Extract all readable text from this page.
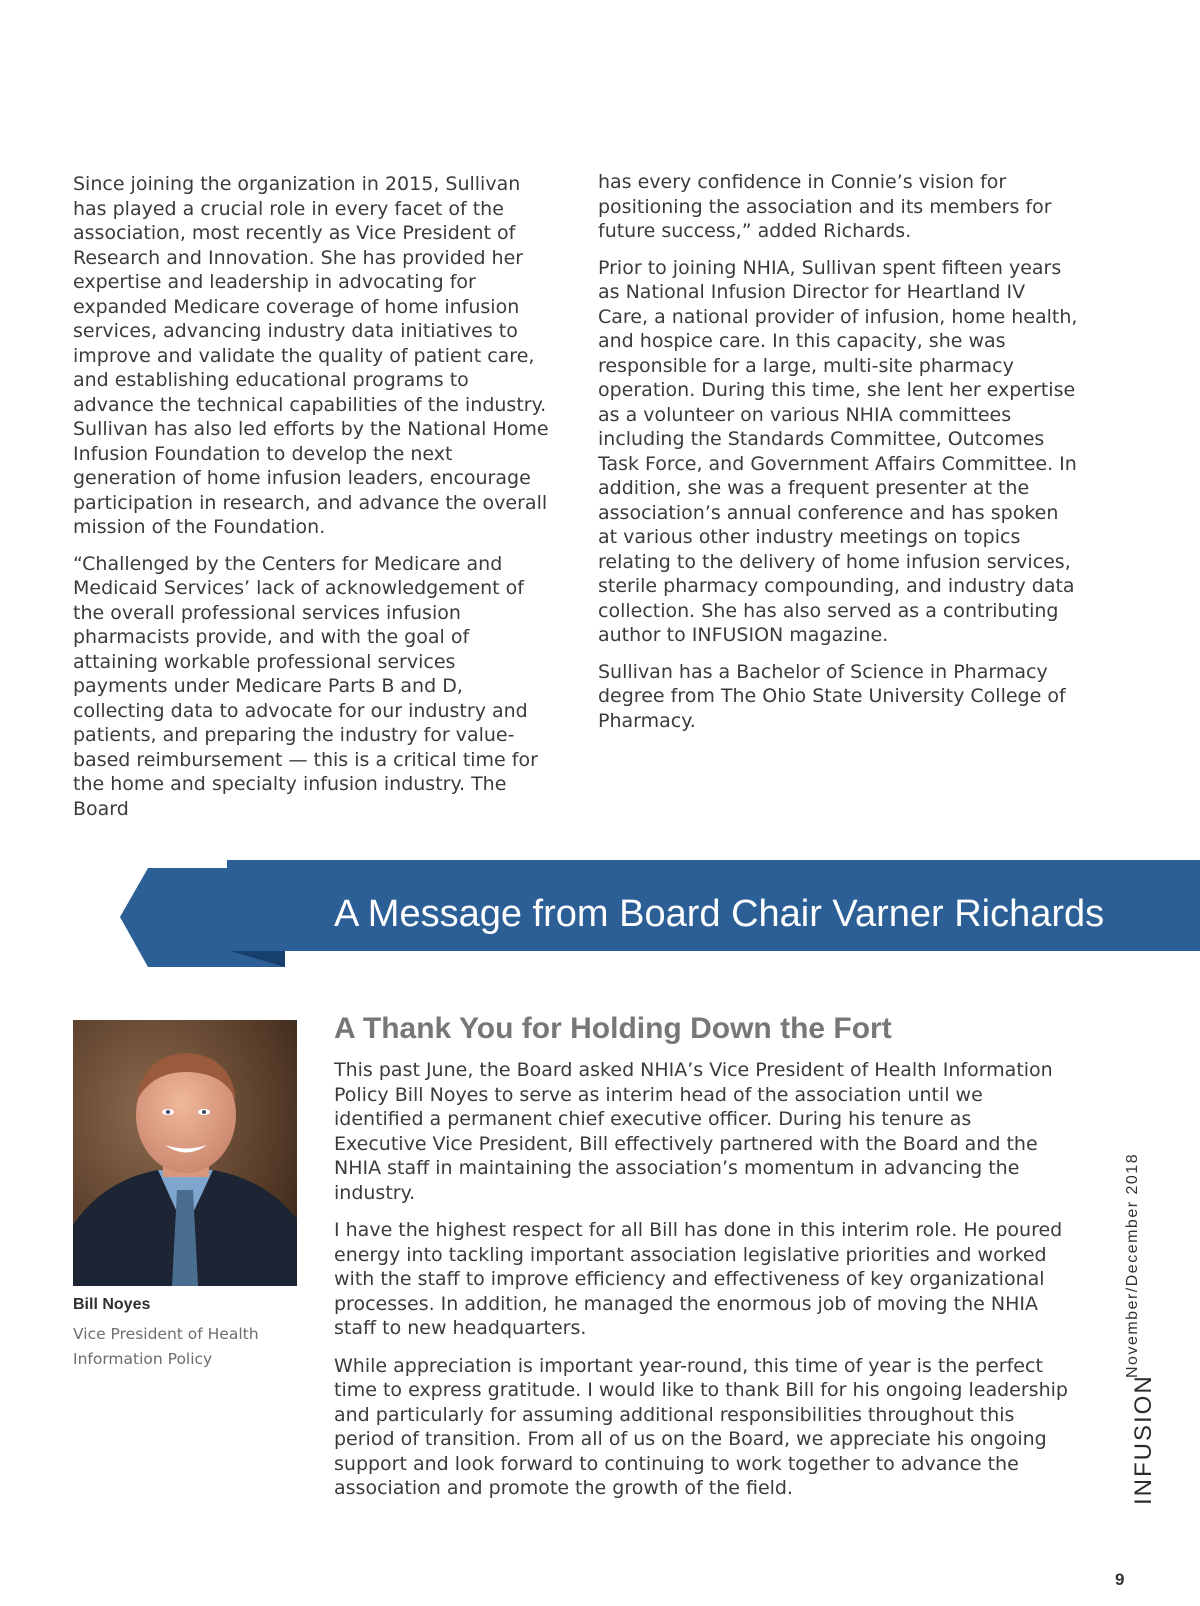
Since joining the organization in 2015, Sullivan has played a crucial role in every facet of the association, most recently as Vice President of Research and Innovation. She has provided her expertise and leadership in advocating for expanded Medicare coverage of home infusion services, advancing industry data initiatives to improve and validate the quality of patient care, and establishing educational programs to advance the technical capabilities of the industry. Sullivan has also led efforts by the National Home Infusion Foundation to develop the next generation of home infusion leaders, encourage participation in research, and advance the overall mission of the Foundation.

“Challenged by the Centers for Medicare and Medicaid Services’ lack of acknowledgement of the overall professional services infusion pharmacists provide, and with the goal of attaining workable professional services payments under Medicare Parts B and D, collecting data to advocate for our industry and patients, and preparing the industry for value-based reimbursement — this is a critical time for the home and specialty infusion industry. The Board

has every confidence in Connie’s vision for positioning the association and its members for future success,” added Richards.

Prior to joining NHIA, Sullivan spent fifteen years as National Infusion Director for Heartland IV Care, a national provider of infusion, home health, and hospice care. In this capacity, she was responsible for a large, multi-site pharmacy operation. During this time, she lent her expertise as a volunteer on various NHIA committees including the Standards Committee, Outcomes Task Force, and Government Affairs Committee. In addition, she was a frequent presenter at the association’s annual conference and has spoken at various other industry meetings on topics relating to the delivery of home infusion services, sterile pharmacy compounding, and industry data collection. She has also served as a contributing author to INFUSION magazine.

Sullivan has a Bachelor of Science in Pharmacy degree from The Ohio State University College of Pharmacy.

A Message from Board Chair Varner Richards
Bill Noyes
Vice President of Health Information Policy
A Thank You for Holding Down the Fort

This past June, the Board asked NHIA’s Vice President of Health Information Policy Bill Noyes to serve as interim head of the association until we identified a permanent chief executive officer. During his tenure as Executive Vice President, Bill effectively partnered with the Board and the NHIA staff in maintaining the association’s momentum in advancing the industry.

I have the highest respect for all Bill has done in this interim role. He poured energy into tackling important association legislative priorities and worked with the staff to improve efficiency and effectiveness of key organizational processes. In addition, he managed the enormous job of moving the NHIA staff to new headquarters.

While appreciation is important year-round, this time of year is the perfect time to express gratitude. I would like to thank Bill for his ongoing leadership and particularly for assuming additional responsibilities throughout this period of transition. From all of us on the Board, we appreciate his ongoing support and look forward to continuing to work together to advance the association and promote the growth of the field.

November/December 2018
INFUSION
9
